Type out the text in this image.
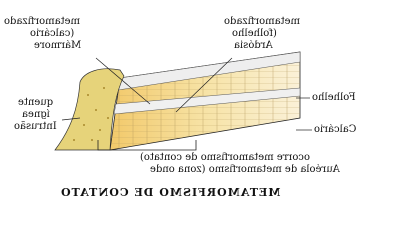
metamorfizado

(calcário

Mármore

metamorfizado

(folhelho

Ardósia

quente

ígnea

Intrusão

Folhelho

Calcário

ocorre metamorfismo de contato)

Auréola de metamorfismo (zona onde

METAMORFISMO DE CONTATO
